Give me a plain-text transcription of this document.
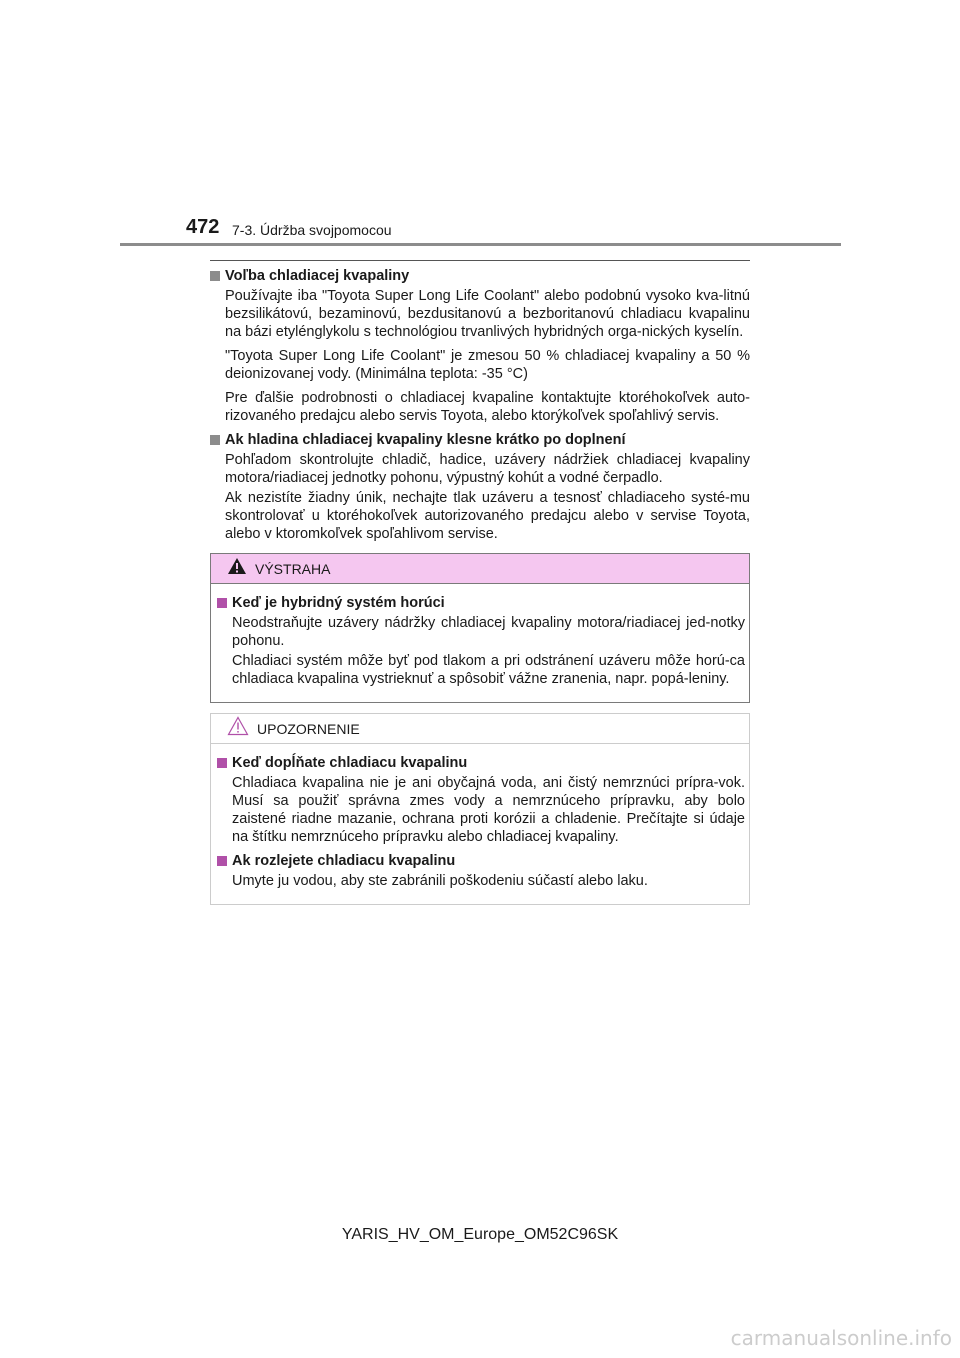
472 7-3. Údržba svojpomocou
Voľba chladiacej kvapaliny

Používajte iba "Toyota Super Long Life Coolant" alebo podobnú vysoko kva-litnú bezsilikátovú, bezaminovú, bezdusitanovú a bezboritanovú chladiacu kvapalinu na bázi etylénglykolu s technológiou trvanlivých hybridných orga-nických kyselín.

"Toyota Super Long Life Coolant" je zmesou 50 % chladiacej kvapaliny a 50 % deionizovanej vody. (Minimálna teplota: -35 °C)

Pre ďalšie podrobnosti o chladiacej kvapaline kontaktujte ktoréhokoľvek auto-rizovaného predajcu alebo servis Toyota, alebo ktorýkoľvek spoľahlivý servis.

Ak hladina chladiacej kvapaliny klesne krátko po doplnení

Pohľadom skontrolujte chladič, hadice, uzávery nádržiek chladiacej kvapaliny motora/riadiacej jednotky pohonu, výpustný kohút a vodné čerpadlo.

Ak nezistíte žiadny únik, nechajte tlak uzáveru a tesnosť chladiaceho systé-mu skontrolovať u ktoréhokoľvek autorizovaného predajcu alebo v servise Toyota, alebo v ktoromkoľvek spoľahlivom servise.

VÝSTRAHA
Keď je hybridný systém horúci

Neodstraňujte uzávery nádržky chladiacej kvapaliny motora/riadiacej jed-notky pohonu.

Chladiaci systém môže byť pod tlakom a pri odstránení uzáveru môže horú-ca chladiaca kvapalina vystrieknuť a spôsobiť vážne zranenia, napr. popá-leniny.

UPOZORNENIE
Keď dopĺňate chladiacu kvapalinu

Chladiaca kvapalina nie je ani obyčajná voda, ani čistý nemrznúci prípra-vok. Musí sa použiť správna zmes vody a nemrznúceho prípravku, aby bolo zaistené riadne mazanie, ochrana proti korózii a chladenie. Prečítajte si údaje na štítku nemrznúceho prípravku alebo chladiacej kvapaliny.

Ak rozlejete chladiacu kvapalinu

Umyte ju vodou, aby ste zabránili poškodeniu súčastí alebo laku.

YARIS_HV_OM_Europe_OM52C96SK
carmanualsonline.info
